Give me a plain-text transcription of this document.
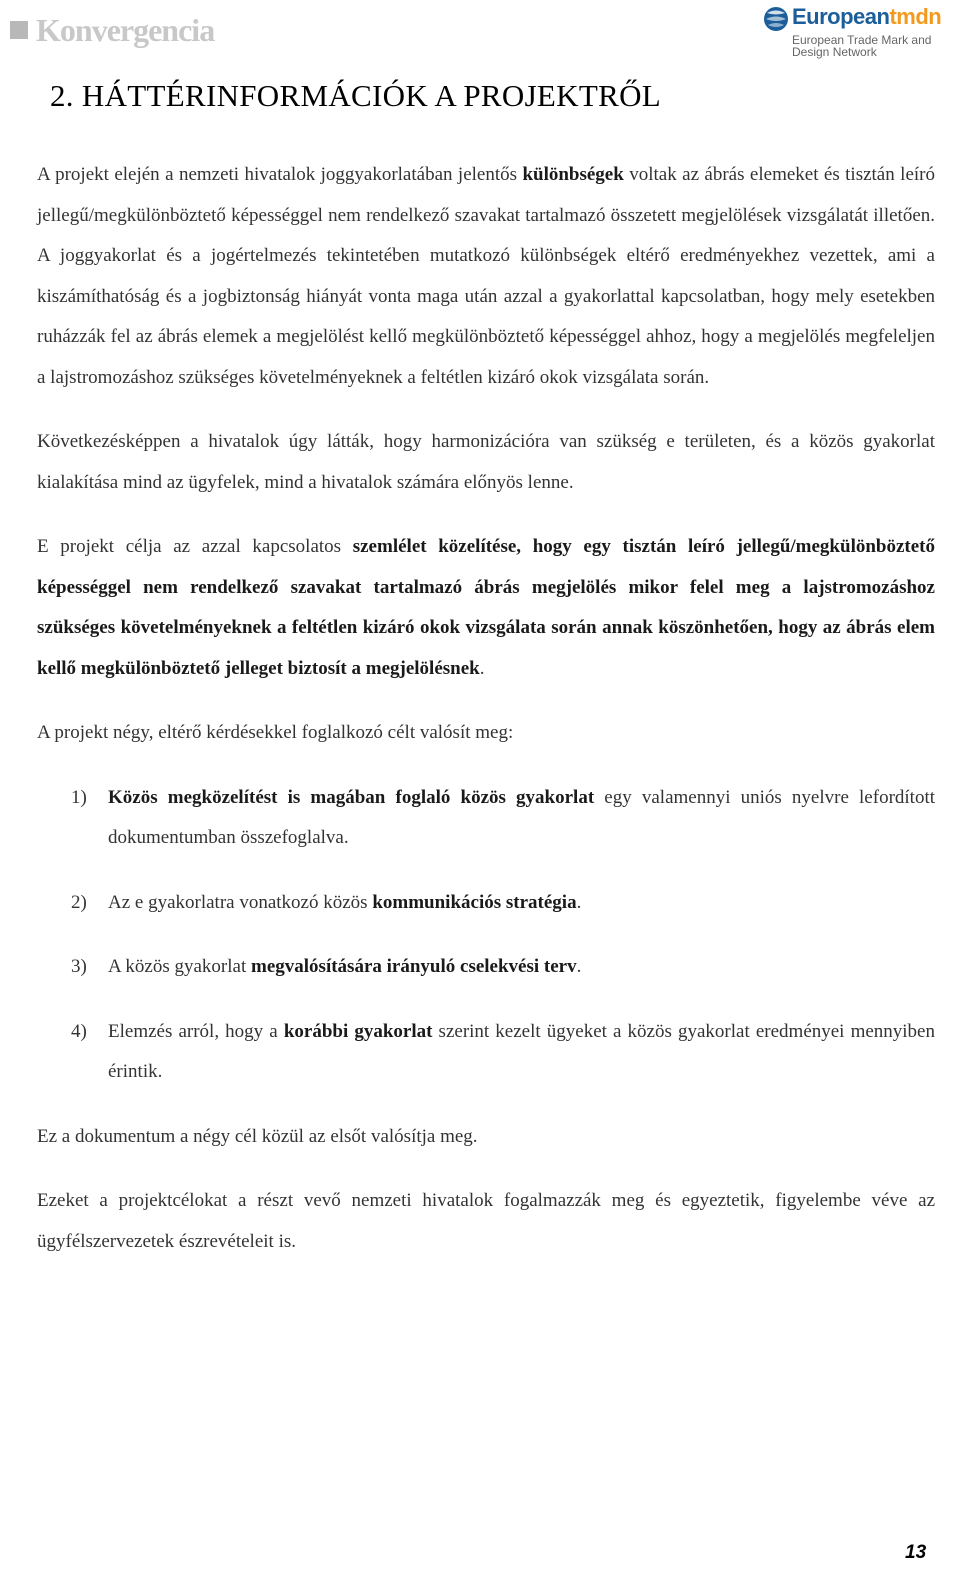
Konvergencia	Europeantmdn
European Trade Mark and
Design Network
2. HÁTTÉRINFORMÁCIÓK A PROJEKTRŐL

A projekt elején a nemzeti hivatalok joggyakorlatában jelentős különbségek voltak az ábrás elemeket és tisztán leíró jellegű/megkülönböztető képességgel nem rendelkező szavakat tartalmazó összetett megjelölések vizsgálatát illetően. A joggyakorlat és a jogértelmezés tekintetében mutatkozó különbségek eltérő eredményekhez vezettek, ami a kiszámíthatóság és a jogbiztonság hiányát vonta maga után azzal a gyakorlattal kapcsolatban, hogy mely esetekben ruházzák fel az ábrás elemek a megjelölést kellő megkülönböztető képességgel ahhoz, hogy a megjelölés megfeleljen a lajstromozáshoz szükséges követelményeknek a feltétlen kizáró okok vizsgálata során.

Következésképpen a hivatalok úgy látták, hogy harmonizációra van szükség e területen, és a közös gyakorlat kialakítása mind az ügyfelek, mind a hivatalok számára előnyös lenne.

E projekt célja az azzal kapcsolatos szemlélet közelítése, hogy egy tisztán leíró jellegű/megkülönböztető képességgel nem rendelkező szavakat tartalmazó ábrás megjelölés mikor felel meg a lajstromozáshoz szükséges követelményeknek a feltétlen kizáró okok vizsgálata során annak köszönhetően, hogy az ábrás elem kellő megkülönböztető jelleget biztosít a megjelölésnek.

A projekt négy, eltérő kérdésekkel foglalkozó célt valósít meg:

1)	Közös megközelítést is magában foglaló közös gyakorlat egy valamennyi uniós nyelvre lefordított dokumentumban összefoglalva.
2)	Az e gyakorlatra vonatkozó közös kommunikációs stratégia.
3)	A közös gyakorlat megvalósítására irányuló cselekvési terv.
4)	Elemzés arról, hogy a korábbi gyakorlat szerint kezelt ügyeket a közös gyakorlat eredményei mennyiben érintik.

Ez a dokumentum a négy cél közül az elsőt valósítja meg.

Ezeket a projektcélokat a részt vevő nemzeti hivatalok fogalmazzák meg és egyeztetik, figyelembe véve az ügyfélszervezetek észrevételeit is.

13
